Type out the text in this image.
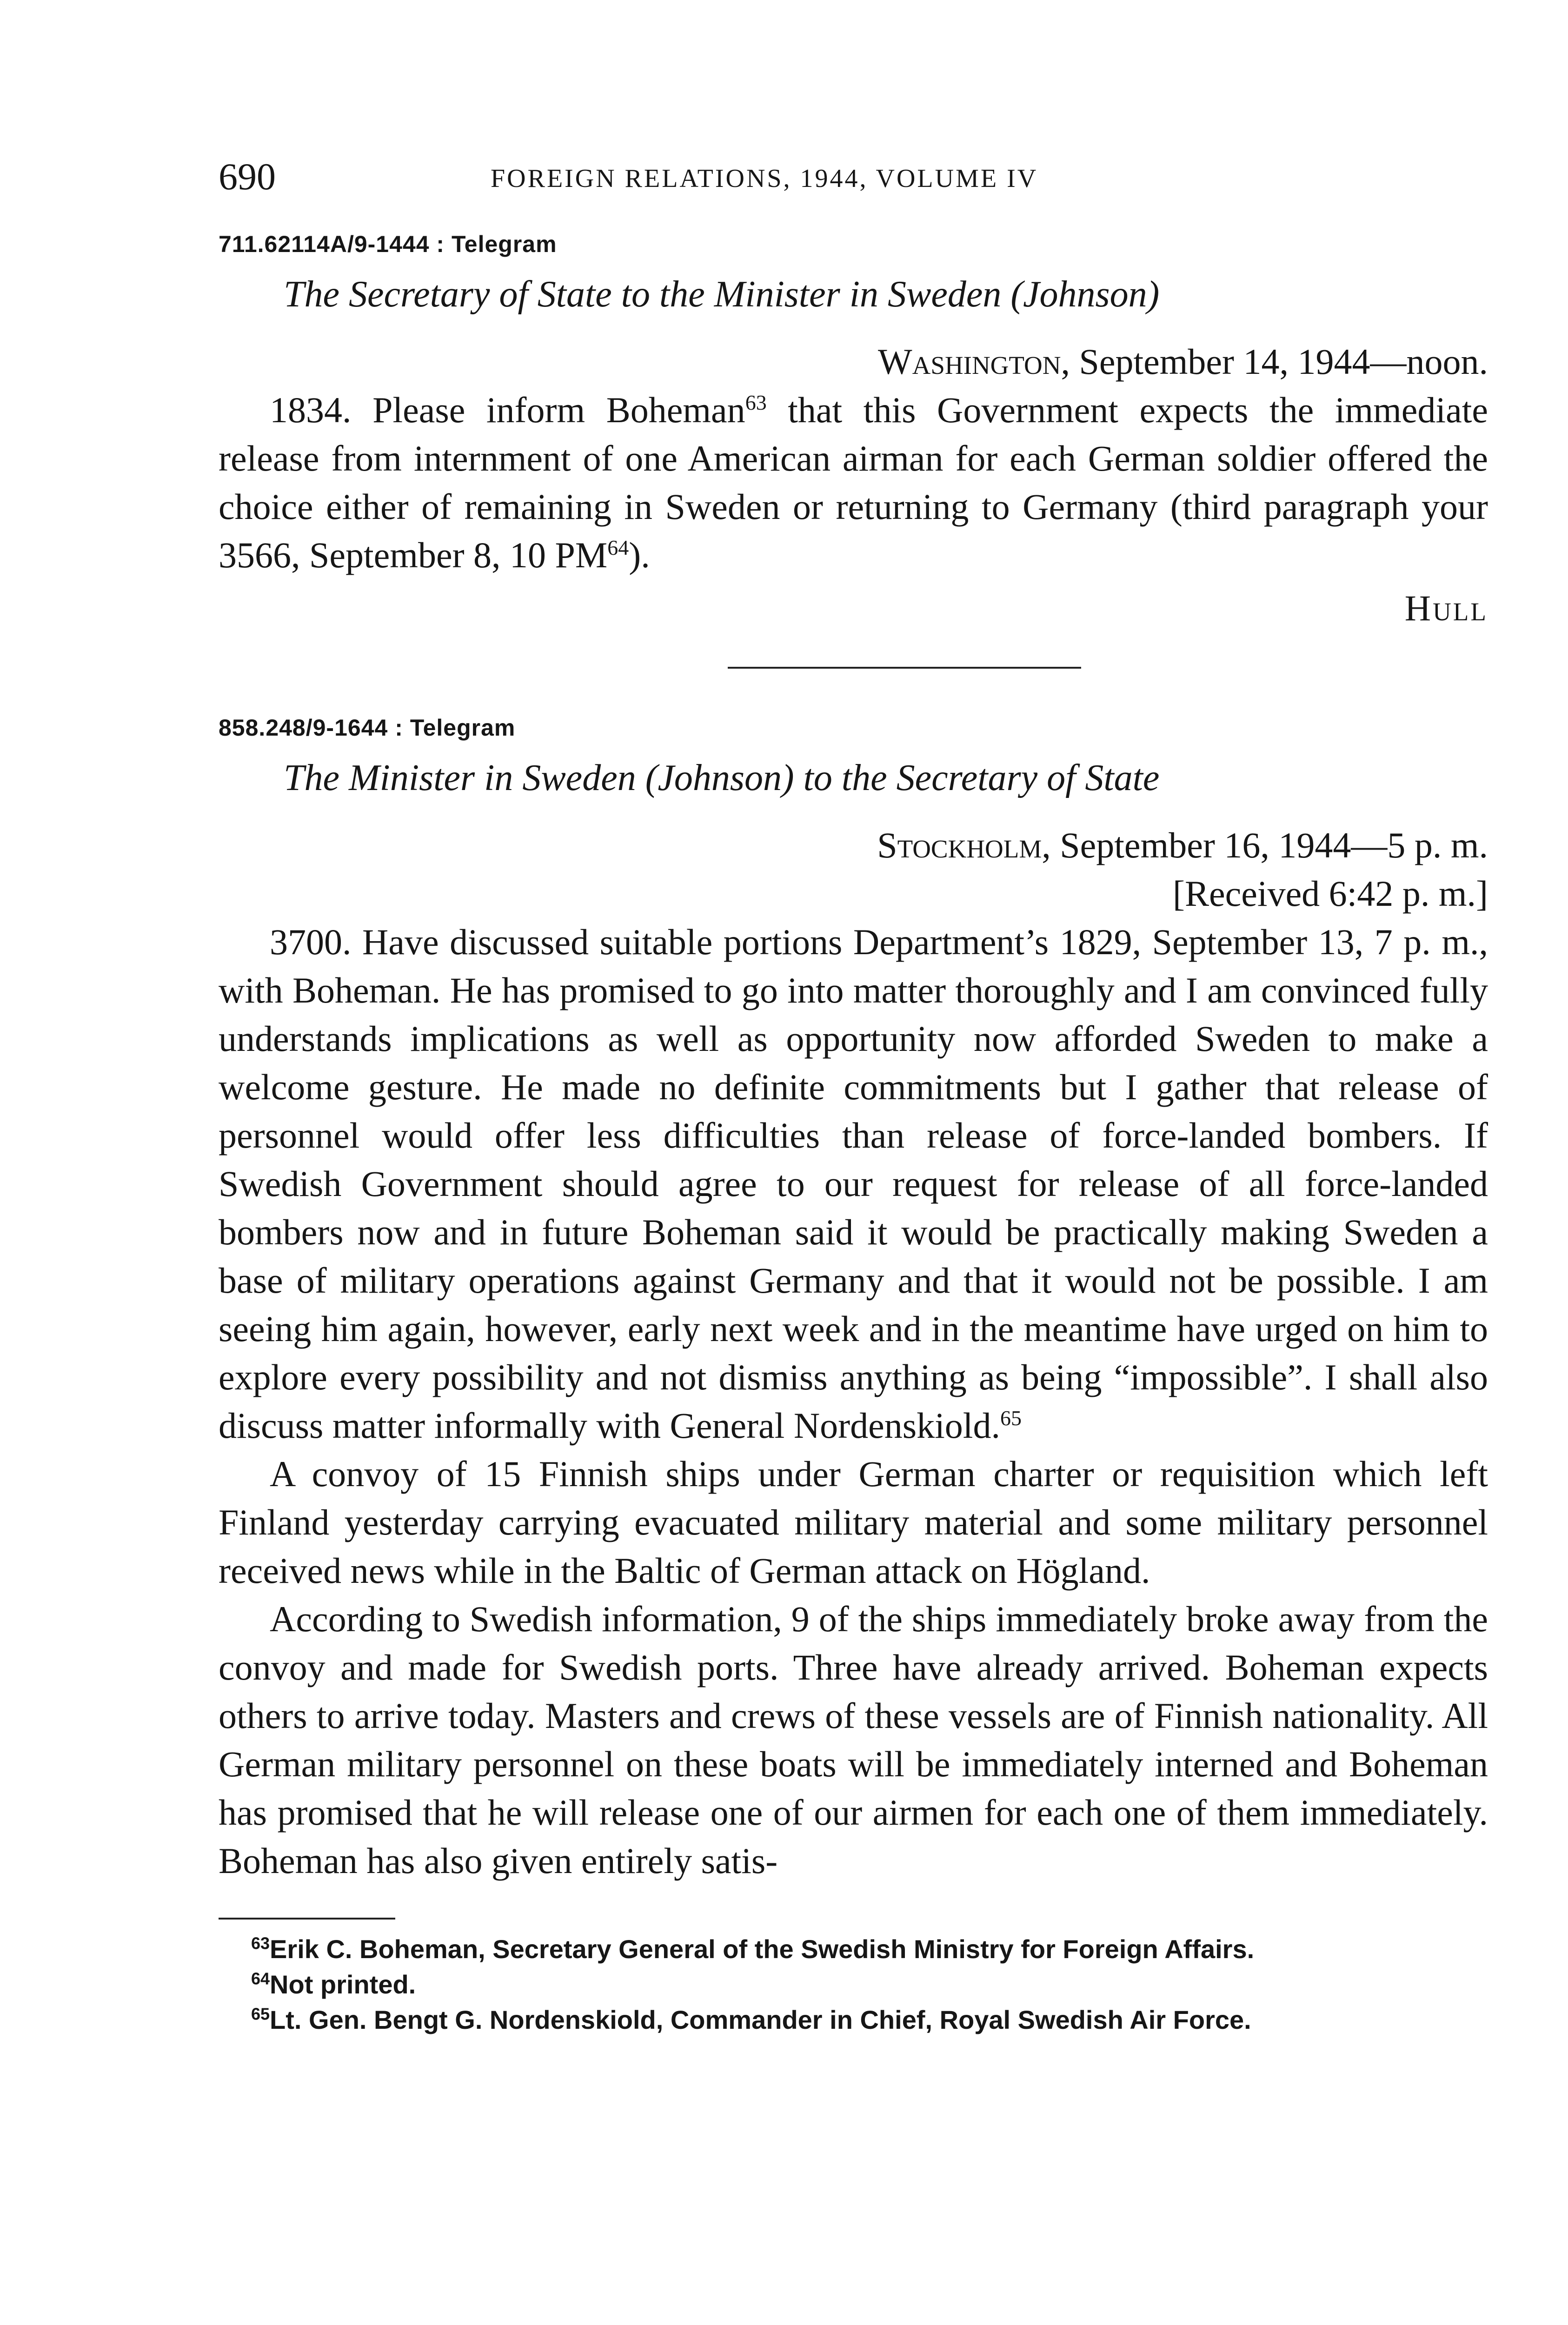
690	FOREIGN RELATIONS, 1944, VOLUME IV
711.62114A/9-1444 : Telegram
The Secretary of State to the Minister in Sweden (Johnson)
Washington, September 14, 1944—noon.

1834. Please inform Boheman$^{63}$ that this Government expects the immediate release from internment of one American airman for each German soldier offered the choice either of remaining in Sweden or returning to Germany (third paragraph your 3566, September 8, 10 PM$^{64}$).

Hull
858.248/9-1644 : Telegram
The Minister in Sweden (Johnson) to the Secretary of State
Stockholm, September 16, 1944—5 p. m.
[Received 6:42 p. m.]

3700. Have discussed suitable portions Department’s 1829, September 13, 7 p. m., with Boheman. He has promised to go into matter thoroughly and I am convinced fully understands implications as well as opportunity now afforded Sweden to make a welcome gesture. He made no definite commitments but I gather that release of personnel would offer less difficulties than release of force-landed bombers. If Swedish Government should agree to our request for release of all force-landed bombers now and in future Boheman said it would be practically making Sweden a base of military operations against Germany and that it would not be possible. I am seeing him again, however, early next week and in the meantime have urged on him to explore every possibility and not dismiss anything as being “impossible”. I shall also discuss matter informally with General Nordenskiold.$^{65}$

A convoy of 15 Finnish ships under German charter or requisition which left Finland yesterday carrying evacuated military material and some military personnel received news while in the Baltic of German attack on Högland.

According to Swedish information, 9 of the ships immediately broke away from the convoy and made for Swedish ports. Three have already arrived. Boheman expects others to arrive today. Masters and crews of these vessels are of Finnish nationality. All German military personnel on these boats will be immediately interned and Boheman has promised that he will release one of our airmen for each one of them immediately. Boheman has also given entirely satis-

$^{63}$Erik C. Boheman, Secretary General of the Swedish Ministry for Foreign Affairs.

$^{64}$Not printed.

$^{65}$Lt. Gen. Bengt G. Nordenskiold, Commander in Chief, Royal Swedish Air Force.
